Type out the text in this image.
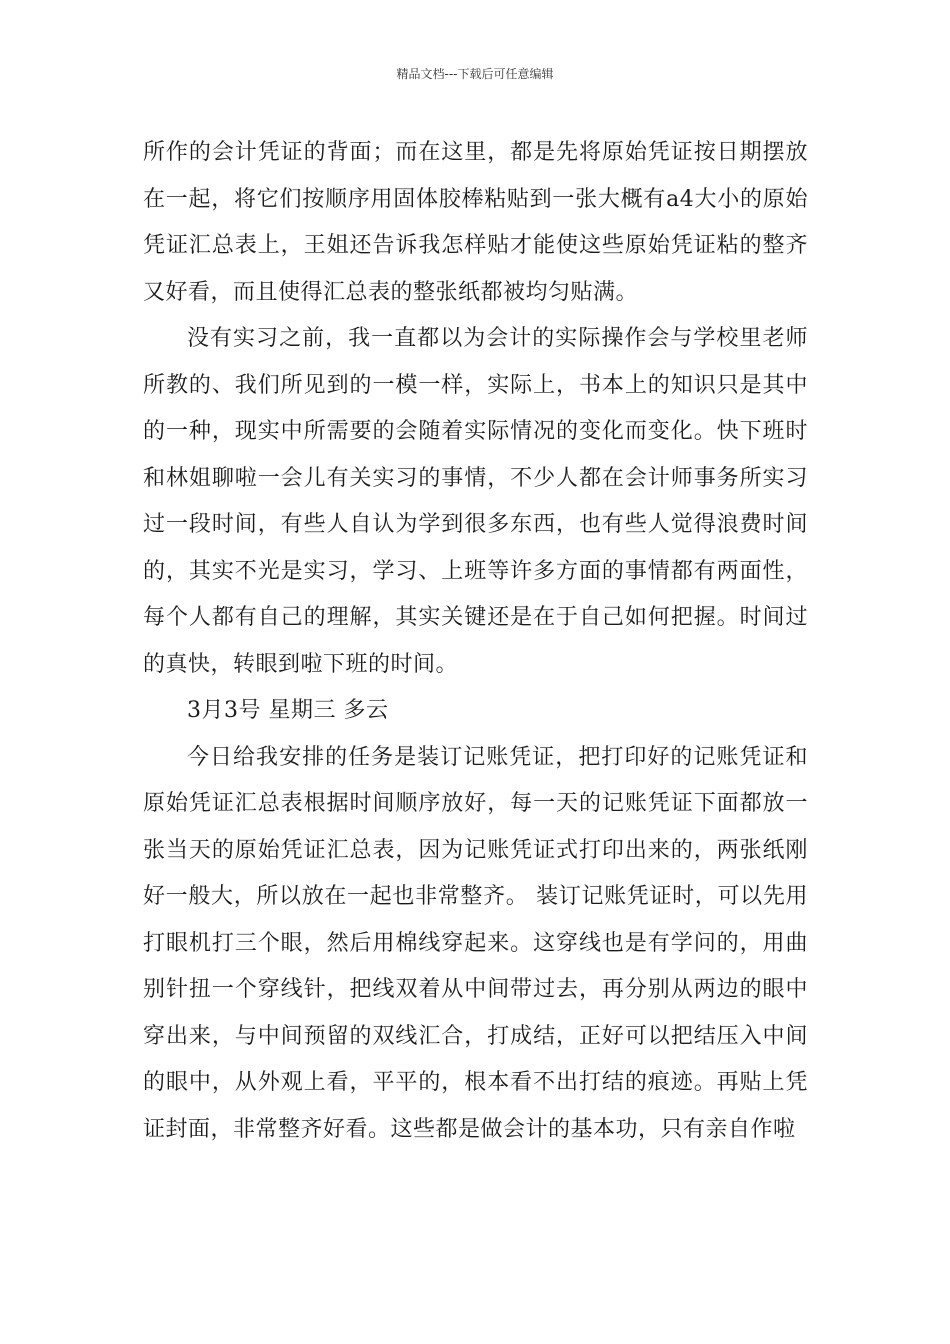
精品文档---下载后可任意编辑

所作的会计凭证的背面；而在这里，都是先将原始凭证按日期摆放在一起，将它们按顺序用固体胶棒粘贴到一张大概有a4大小的原始凭证汇总表上，王姐还告诉我怎样贴才能使这些原始凭证粘的整齐又好看，而且使得汇总表的整张纸都被均匀贴满。

没有实习之前，我一直都以为会计的实际操作会与学校里老师所教的、我们所见到的一模一样，实际上，书本上的知识只是其中的一种，现实中所需要的会随着实际情况的变化而变化。快下班时和林姐聊啦一会儿有关实习的事情，不少人都在会计师事务所实习过一段时间，有些人自认为学到很多东西，也有些人觉得浪费时间的，其实不光是实习，学习、上班等许多方面的事情都有两面性，每个人都有自己的理解，其实关键还是在于自己如何把握。时间过的真快，转眼到啦下班的时间。

3月3号 星期三 多云

今日给我安排的任务是装订记账凭证，把打印好的记账凭证和原始凭证汇总表根据时间顺序放好，每一天的记账凭证下面都放一张当天的原始凭证汇总表，因为记账凭证式打印出来的，两张纸刚好一般大，所以放在一起也非常整齐。 装订记账凭证时，可以先用打眼机打三个眼，然后用棉线穿起来。这穿线也是有学问的，用曲别针扭一个穿线针，把线双着从中间带过去，再分别从两边的眼中穿出来，与中间预留的双线汇合，打成结，正好可以把结压入中间的眼中，从外观上看，平平的，根本看不出打结的痕迹。再贴上凭证封面，非常整齐好看。这些都是做会计的基本功，只有亲自作啦
